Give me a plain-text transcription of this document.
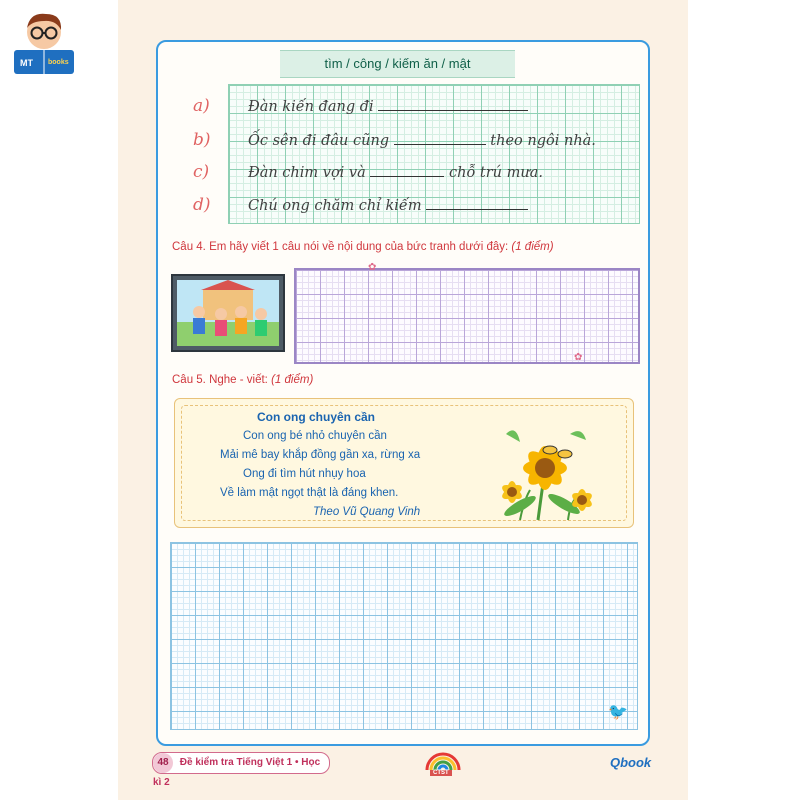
MT books	tìm / công / kiếm ăn / mật
a)	Đàn kiến đang đi
b)	Ốc sên đi đâu cũng	theo ngôi nhà.
c)	Đàn chim vợi và	chỗ trú mưa.
d)	Chú ong chăm chỉ kiếm
Câu 4. Em hãy viết 1 câu nói về nội dung của bức tranh dưới đây: (1 điểm)
✿
✿
Câu 5. Nghe - viết: (1 điểm)
Con ong chuyên cần
Con ong bé nhỏ chuyên cần
Mải mê bay khắp đồng gần xa, rừng xa
Ong đi tìm hút nhụy hoa
Về làm mật ngọt thật là đáng khen.
Theo Vũ Quang Vinh
🐦
48 Đề kiểm tra Tiếng Việt 1 • Học kì 2
CTST
Qbook
